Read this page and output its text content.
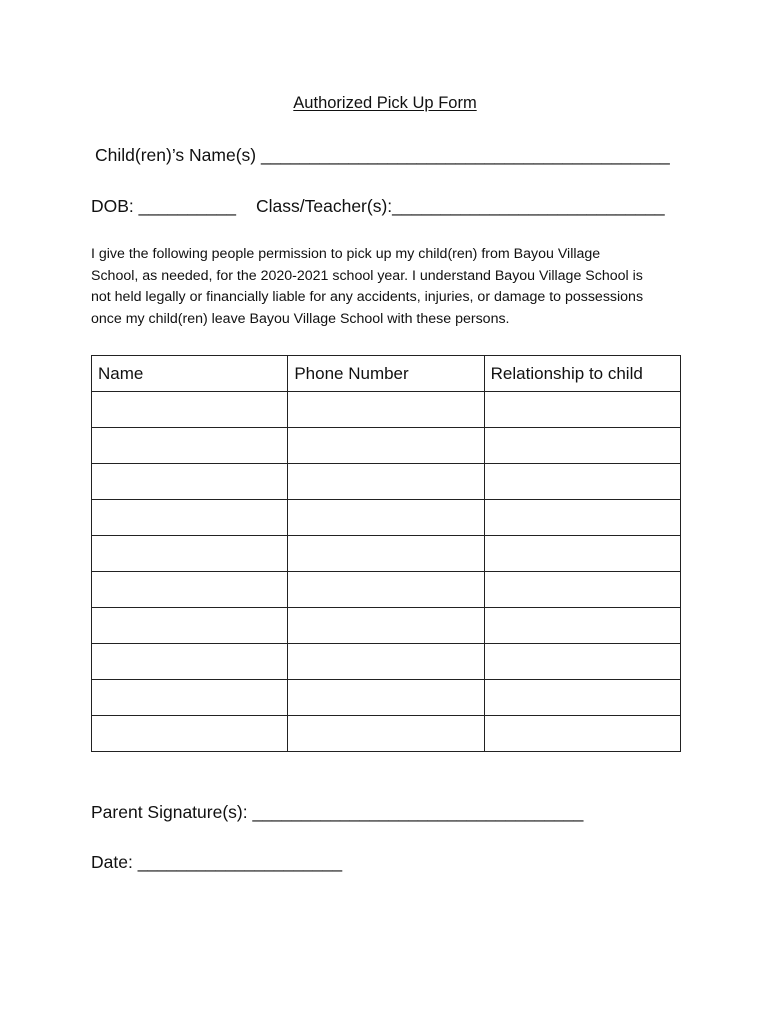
Authorized Pick Up Form
Child(ren)’s Name(s) __________________________________________
DOB: __________ Class/Teacher(s):____________________________
I give the following people permission to pick up my child(ren) from Bayou Village
School, as needed, for the 2020-2021 school year. I understand Bayou Village School is
not held legally or financially liable for any accidents, injuries, or damage to possessions
once my child(ren) leave Bayou Village School with these persons.
Name	Phone Number	Relationship to child

Parent Signature(s): __________________________________
Date: _____________________
